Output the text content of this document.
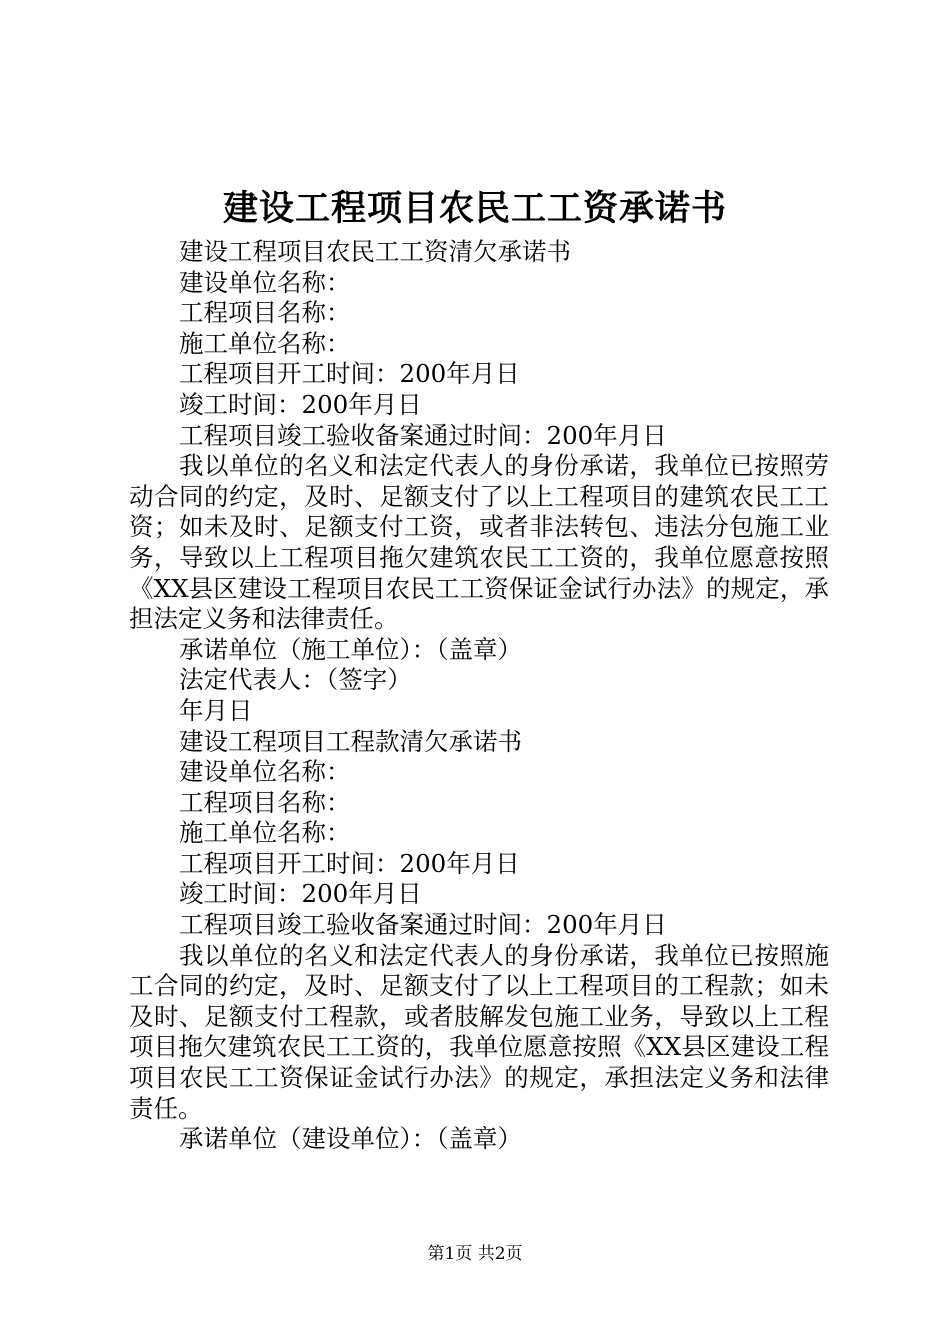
建设工程项目农民工工资承诺书

建设工程项目农民工工资清欠承诺书

建设单位名称：

工程项目名称：

施工单位名称：

工程项目开工时间：200年月日

竣工时间：200年月日

工程项目竣工验收备案通过时间：200年月日

我以单位的名义和法定代表人的身份承诺，我单位已按照劳动合同的约定，及时、足额支付了以上工程项目的建筑农民工工资；如未及时、足额支付工资，或者非法转包、违法分包施工业务，导致以上工程项目拖欠建筑农民工工资的，我单位愿意按照《XX县区建设工程项目农民工工资保证金试行办法》的规定，承担法定义务和法律责任。

承诺单位（施工单位）：（盖章）

法定代表人：（签字）

年月日

建设工程项目工程款清欠承诺书

建设单位名称：

工程项目名称：

施工单位名称：

工程项目开工时间：200年月日

竣工时间：200年月日

工程项目竣工验收备案通过时间：200年月日

我以单位的名义和法定代表人的身份承诺，我单位已按照施工合同的约定，及时、足额支付了以上工程项目的工程款；如未及时、足额支付工程款，或者肢解发包施工业务，导致以上工程项目拖欠建筑农民工工资的，我单位愿意按照《XX县区建设工程项目农民工工资保证金试行办法》的规定，承担法定义务和法律责任。

承诺单位（建设单位）：（盖章）

第1页 共2页
